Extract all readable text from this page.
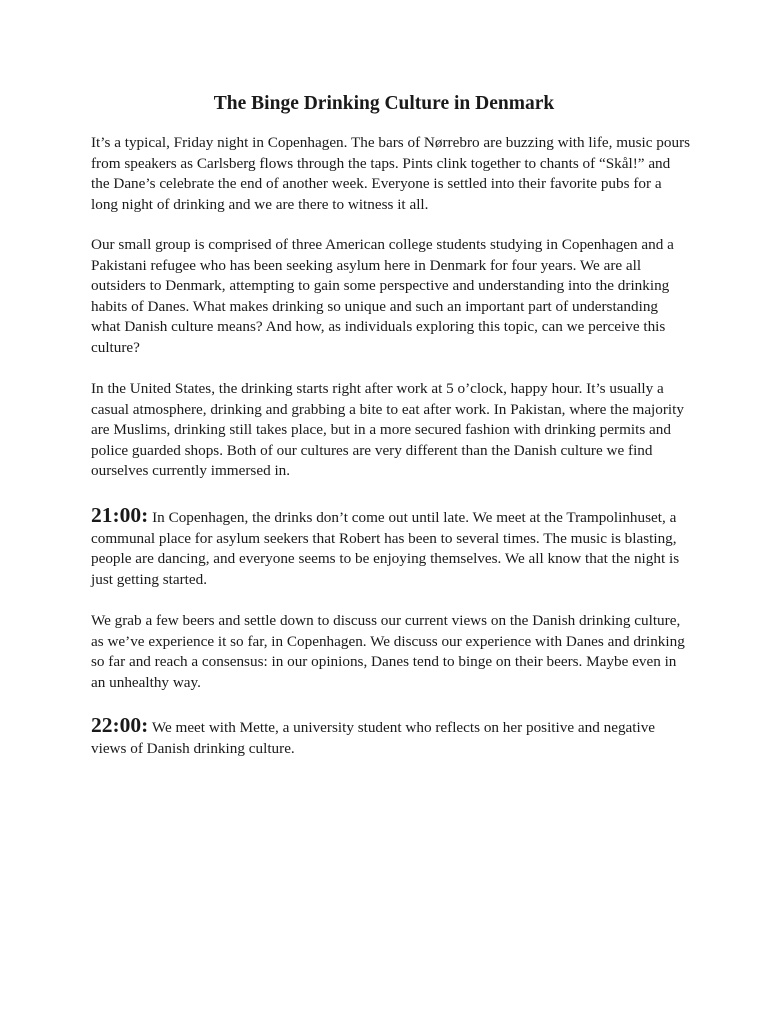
The Binge Drinking Culture in Denmark

It’s a typical, Friday night in Copenhagen. The bars of Nørrebro are buzzing with life, music pours from speakers as Carlsberg flows through the taps. Pints clink together to chants of “Skål!” and the Dane’s celebrate the end of another week. Everyone is settled into their favorite pubs for a long night of drinking and we are there to witness it all.

Our small group is comprised of three American college students studying in Copenhagen and a Pakistani refugee who has been seeking asylum here in Denmark for four years. We are all outsiders to Denmark, attempting to gain some perspective and understanding into the drinking habits of Danes. What makes drinking so unique and such an important part of understanding what Danish culture means? And how, as individuals exploring this topic, can we perceive this culture?

In the United States, the drinking starts right after work at 5 o’clock, happy hour. It’s usually a casual atmosphere, drinking and grabbing a bite to eat after work. In Pakistan, where the majority are Muslims, drinking still takes place, but in a more secured fashion with drinking permits and police guarded shops. Both of our cultures are very different than the Danish culture we find ourselves currently immersed in.

21:00: In Copenhagen, the drinks don’t come out until late. We meet at the Trampolinhuset, a communal place for asylum seekers that Robert has been to several times. The music is blasting, people are dancing, and everyone seems to be enjoying themselves. We all know that the night is just getting started.

We grab a few beers and settle down to discuss our current views on the Danish drinking culture, as we’ve experience it so far, in Copenhagen. We discuss our experience with Danes and drinking so far and reach a consensus: in our opinions, Danes tend to binge on their beers. Maybe even in an unhealthy way.

22:00: We meet with Mette, a university student who reflects on her positive and negative views of Danish drinking culture.
